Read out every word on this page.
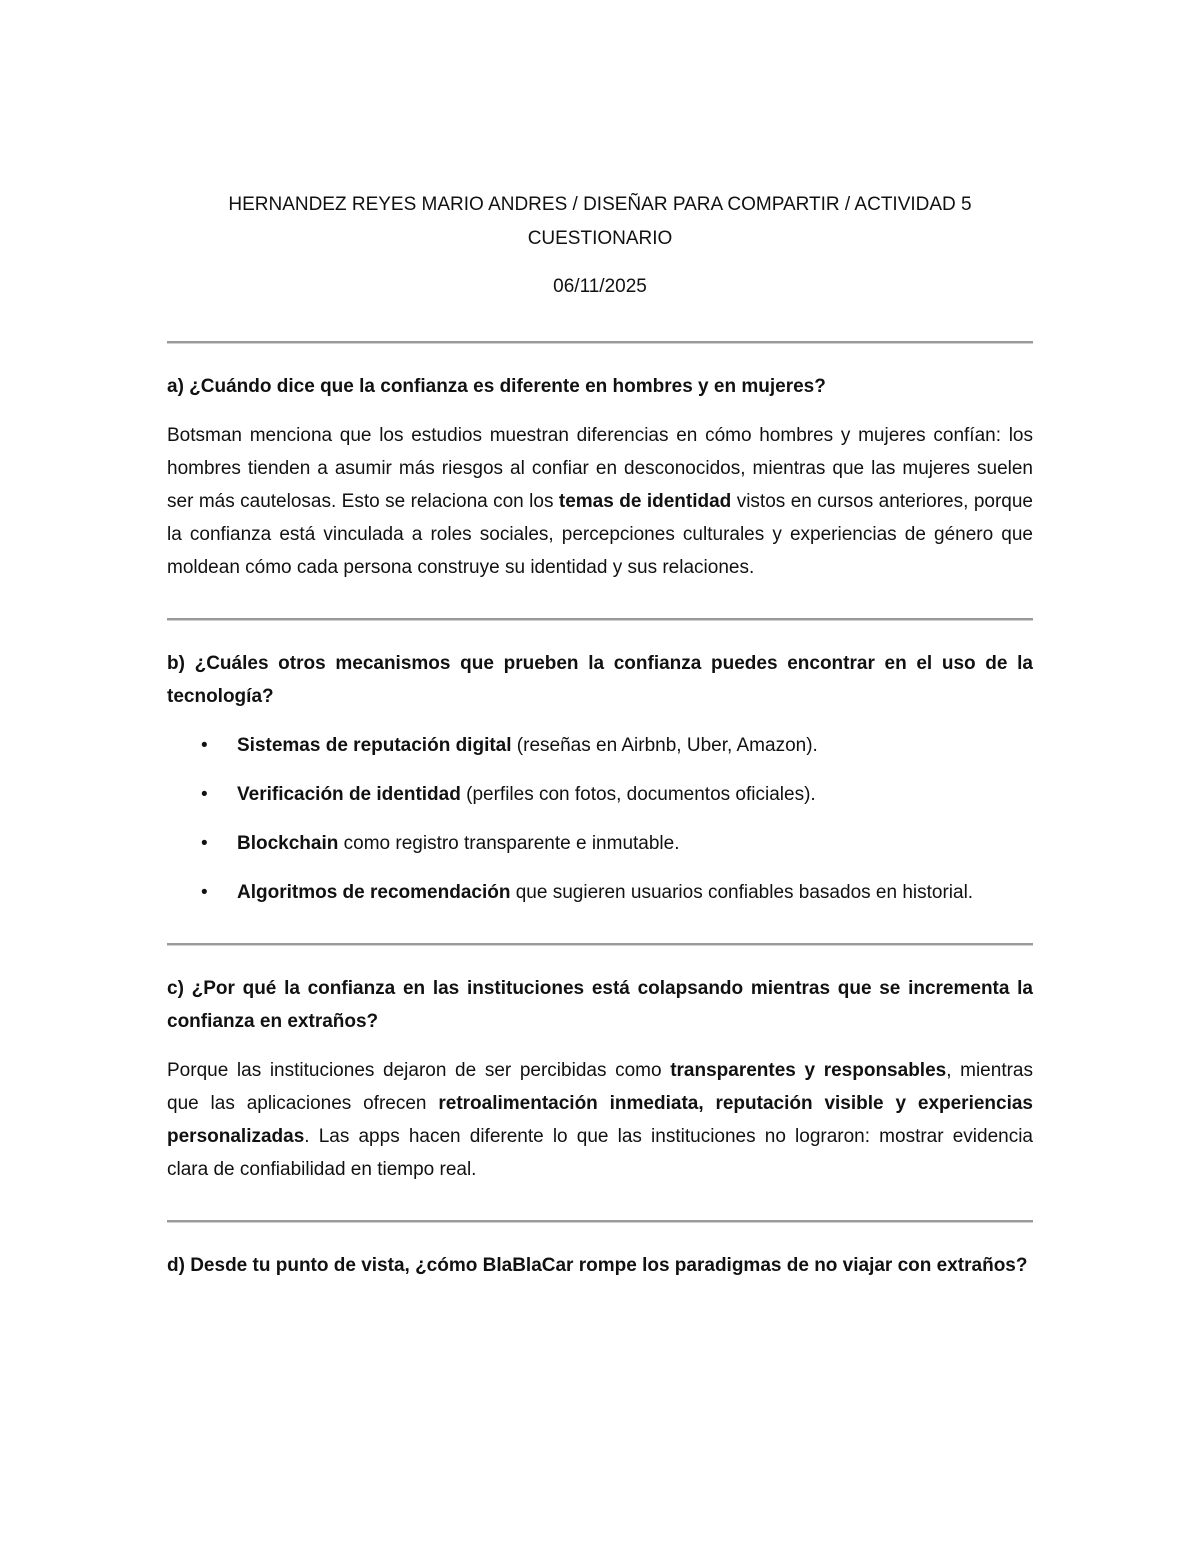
HERNANDEZ REYES MARIO ANDRES / DISEÑAR PARA COMPARTIR / ACTIVIDAD 5

CUESTIONARIO

06/11/2025

a) ¿Cuándo dice que la confianza es diferente en hombres y en mujeres?

Botsman menciona que los estudios muestran diferencias en cómo hombres y mujeres confían: los hombres tienden a asumir más riesgos al confiar en desconocidos, mientras que las mujeres suelen ser más cautelosas. Esto se relaciona con los temas de identidad vistos en cursos anteriores, porque la confianza está vinculada a roles sociales, percepciones culturales y experiencias de género que moldean cómo cada persona construye su identidad y sus relaciones.

b) ¿Cuáles otros mecanismos que prueben la confianza puedes encontrar en el uso de la tecnología?

• Sistemas de reputación digital (reseñas en Airbnb, Uber, Amazon).
• Verificación de identidad (perfiles con fotos, documentos oficiales).
• Blockchain como registro transparente e inmutable.
• Algoritmos de recomendación que sugieren usuarios confiables basados en historial.

c) ¿Por qué la confianza en las instituciones está colapsando mientras que se incrementa la confianza en extraños?

Porque las instituciones dejaron de ser percibidas como transparentes y responsables, mientras que las aplicaciones ofrecen retroalimentación inmediata, reputación visible y experiencias personalizadas. Las apps hacen diferente lo que las instituciones no lograron: mostrar evidencia clara de confiabilidad en tiempo real.

d) Desde tu punto de vista, ¿cómo BlaBlaCar rompe los paradigmas de no viajar con extraños?
